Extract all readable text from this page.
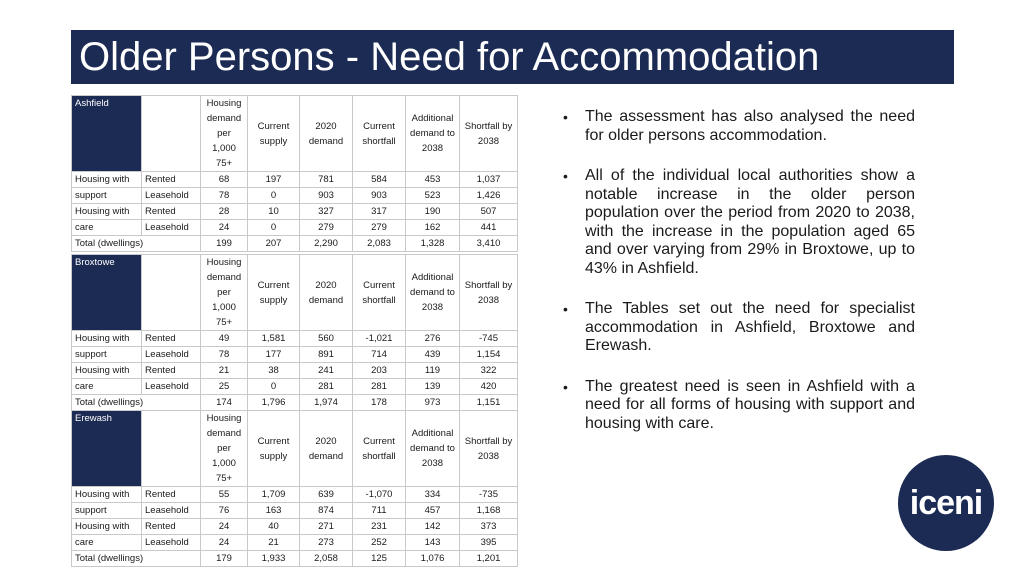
Older Persons - Need for Accommodation
Ashfield		Housing demand per 1,000 75+	Current supply	2020 demand	Current shortfall	Additional demand to 2038	Shortfall by 2038
Housing with	Rented	68	197	781	584	453	1,037
support	Leasehold	78	0	903	903	523	1,426
Housing with	Rented	28	10	327	317	190	507
care	Leasehold	24	0	279	279	162	441
Total (dwellings)		199	207	2,290	2,083	1,328	3,410
Broxtowe		Housing demand per 1,000 75+	Current supply	2020 demand	Current shortfall	Additional demand to 2038	Shortfall by 2038
Housing with	Rented	49	1,581	560	-1,021	276	-745
support	Leasehold	78	177	891	714	439	1,154
Housing with	Rented	21	38	241	203	119	322
care	Leasehold	25	0	281	281	139	420
Total (dwellings)		174	1,796	1,974	178	973	1,151
Erewash		Housing demand per 1,000 75+	Current supply	2020 demand	Current shortfall	Additional demand to 2038	Shortfall by 2038
Housing with	Rented	55	1,709	639	-1,070	334	-735
support	Leasehold	76	163	874	711	457	1,168
Housing with	Rented	24	40	271	231	142	373
care	Leasehold	24	21	273	252	143	395
Total (dwellings)		179	1,933	2,058	125	1,076	1,201
•	The assessment has also analysed the need for older persons accommodation.
•	All of the individual local authorities show a notable increase in the older person population over the period from 2020 to 2038, with the increase in the population aged 65 and over varying from 29% in Broxtowe, up to 43% in Ashfield.
•	The Tables set out the need for specialist accommodation in Ashfield, Broxtowe and Erewash.
•	The greatest need is seen in Ashfield with a need for all forms of housing with support and housing with care.
iceni
